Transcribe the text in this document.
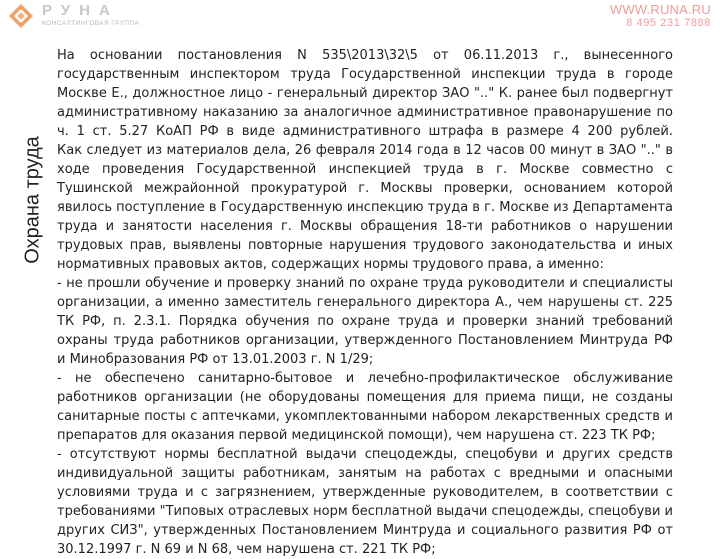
РУНА
КОНСАЛТИНГОВАЯ ГРУППА
WWW.RUNA.RU
8 495 231 7888
Охрана труда

На основании постановления N 535\2013\32\5 от 06.11.2013 г., вынесенного государственным инспектором труда Государственной инспекции труда в городе Москве Е., должностное лицо - генеральный директор ЗАО ".." К. ранее был подвергнут административному наказанию за аналогичное административное правонарушение по ч. 1 ст. 5.27 КоАП РФ в виде административного штрафа в размере 4 200 рублей.

Как следует из материалов дела, 26 февраля 2014 года в 12 часов 00 минут в ЗАО ".." в ходе проведения Государственной инспекцией труда в г. Москве совместно с Тушинской межрайонной прокуратурой г. Москвы проверки, основанием которой явилось поступление в Государственную инспекцию труда в г. Москве из Департамента труда и занятости населения г. Москвы обращения 18-ти работников о нарушении трудовых прав, выявлены повторные нарушения трудового законодательства и иных нормативных правовых актов, содержащих нормы трудового права, а именно:

- не прошли обучение и проверку знаний по охране труда руководители и специалисты организации, а именно заместитель генерального директора А., чем нарушены ст. 225 ТК РФ, п. 2.3.1. Порядка обучения по охране труда и проверки знаний требований охраны труда работников организации, утвержденного Постановлением Минтруда РФ и Минобразования РФ от 13.01.2003 г. N 1/29;

- не обеспечено санитарно-бытовое и лечебно-профилактическое обслуживание работников организации (не оборудованы помещения для приема пищи, не созданы санитарные посты с аптечками, укомплектованными набором лекарственных средств и препаратов для оказания первой медицинской помощи), чем нарушена ст. 223 ТК РФ;

- отсутствуют нормы бесплатной выдачи спецодежды, спецобуви и других средств индивидуальной защиты работникам, занятым на работах с вредными и опасными условиями труда и с загрязнением, утвержденные руководителем, в соответствии с требованиями "Типовых отраслевых норм бесплатной выдачи спецодежды, спецобуви и других СИЗ", утвержденных Постановлением Минтруда и социального развития РФ от 30.12.1997 г. N 69 и N 68, чем нарушена ст. 221 ТК РФ;
